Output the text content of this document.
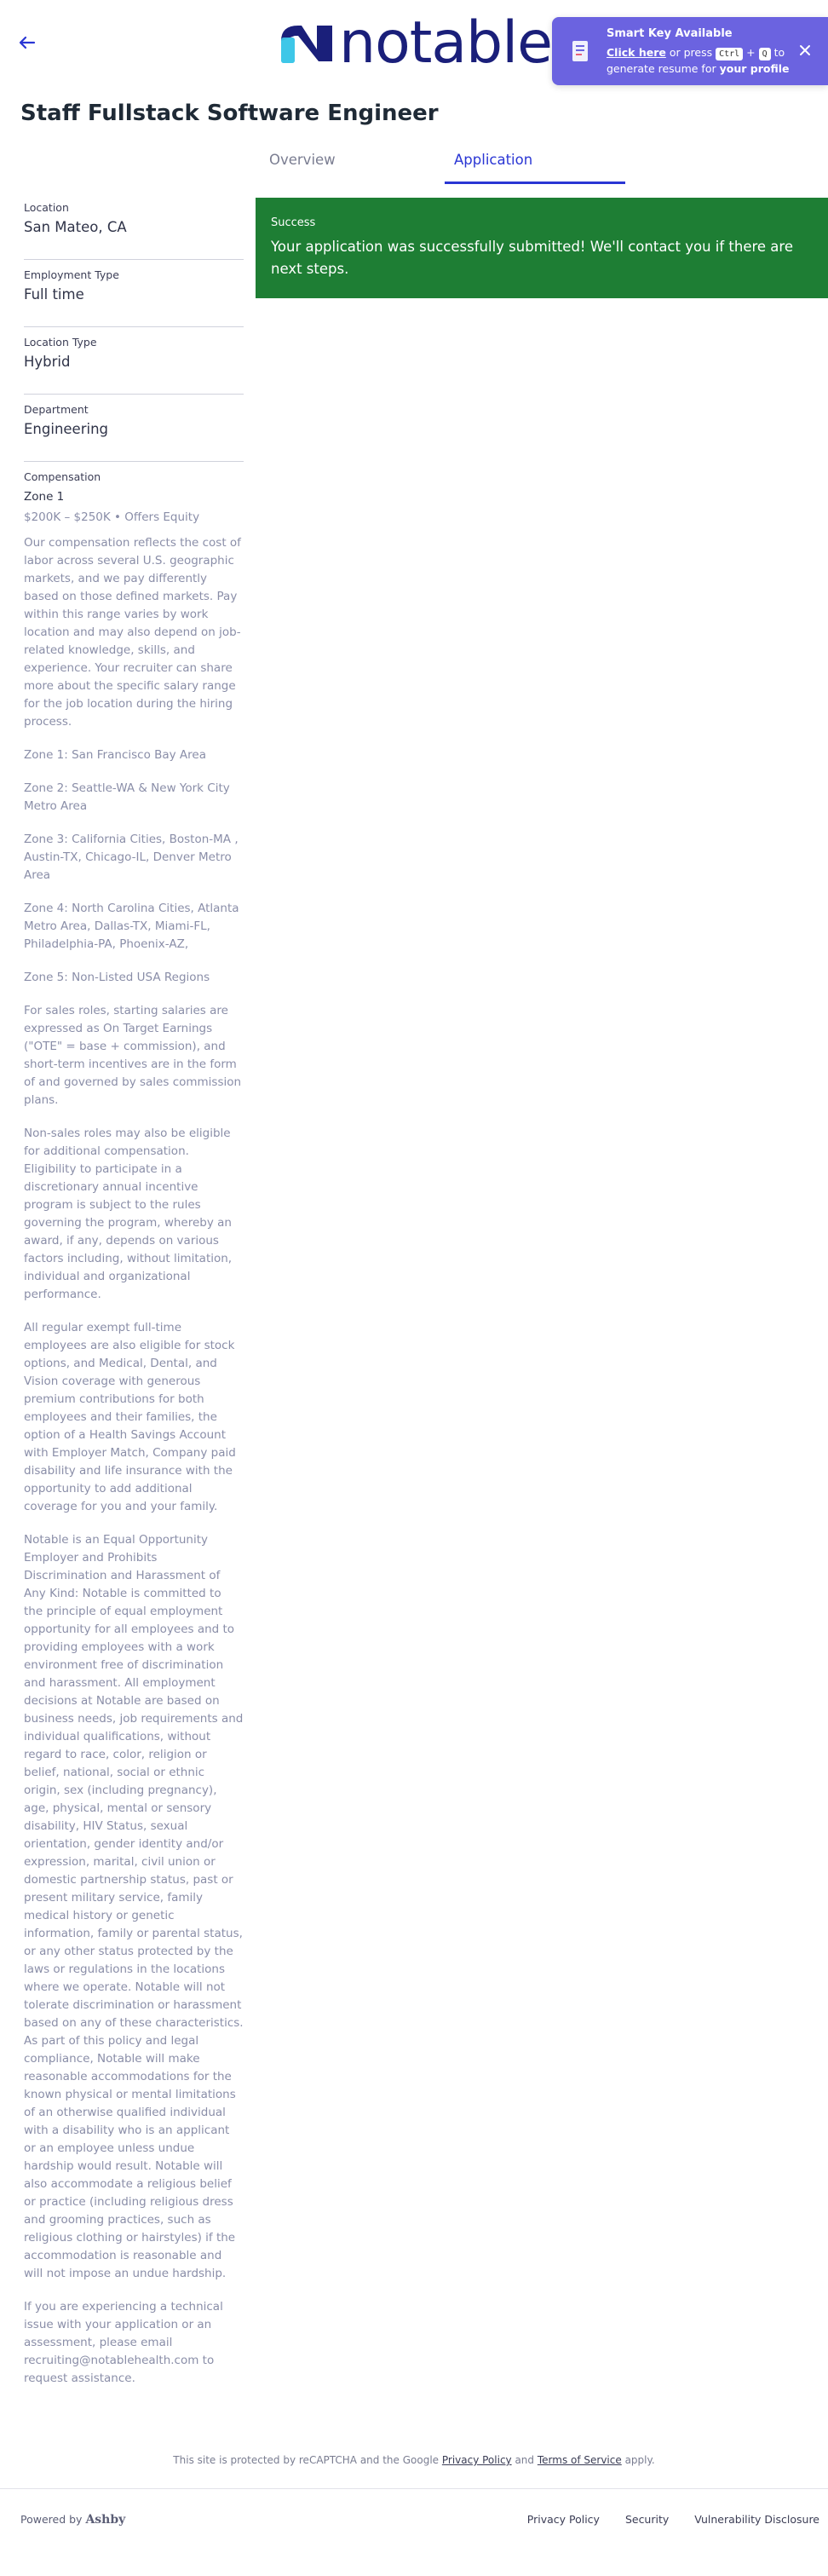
notable	Smart Key Available
Click here or press Ctrl + Q to generate resume for your profile
Staff Fullstack Software Engineer
Overview	Application
Success
Your application was successfully submitted! We'll contact you if there are next steps.
Location
San Mateo, CA
Employment Type
Full time
Location Type
Hybrid
Department
Engineering
Compensation
Zone 1
$200K – $250K • Offers Equity

Our compensation reflects the cost of labor across several U.S. geographic markets, and we pay differently based on those defined markets. Pay within this range varies by work location and may also depend on job-related knowledge, skills, and experience. Your recruiter can share more about the specific salary range for the job location during the hiring process.

Zone 1: San Francisco Bay Area

Zone 2: Seattle-WA & New York City Metro Area

Zone 3: California Cities, Boston-MA , Austin-TX, Chicago-IL, Denver Metro Area

Zone 4: North Carolina Cities, Atlanta Metro Area, Dallas-TX, Miami-FL, Philadelphia-PA, Phoenix-AZ,

Zone 5: Non-Listed USA Regions

For sales roles, starting salaries are expressed as On Target Earnings ("OTE" = base + commission), and short-term incentives are in the form of and governed by sales commission plans.

Non-sales roles may also be eligible for additional compensation. Eligibility to participate in a discretionary annual incentive program is subject to the rules governing the program, whereby an award, if any, depends on various factors including, without limitation, individual and organizational performance.

All regular exempt full-time employees are also eligible for stock options, and Medical, Dental, and Vision coverage with generous premium contributions for both employees and their families, the option of a Health Savings Account with Employer Match, Company paid disability and life insurance with the opportunity to add additional coverage for you and your family.

Notable is an Equal Opportunity Employer and Prohibits Discrimination and Harassment of Any Kind: Notable is committed to the principle of equal employment opportunity for all employees and to providing employees with a work environment free of discrimination and harassment. All employment decisions at Notable are based on business needs, job requirements and individual qualifications, without regard to race, color, religion or belief, national, social or ethnic origin, sex (including pregnancy), age, physical, mental or sensory disability, HIV Status, sexual orientation, gender identity and/or expression, marital, civil union or domestic partnership status, past or present military service, family medical history or genetic information, family or parental status, or any other status protected by the laws or regulations in the locations where we operate. Notable will not tolerate discrimination or harassment based on any of these characteristics. As part of this policy and legal compliance, Notable will make reasonable accommodations for the known physical or mental limitations of an otherwise qualified individual with a disability who is an applicant or an employee unless undue hardship would result. Notable will also accommodate a religious belief or practice (including religious dress and grooming practices, such as religious clothing or hairstyles) if the accommodation is reasonable and will not impose an undue hardship.

If you are experiencing a technical issue with your application or an assessment, please email recruiting@notablehealth.com to request assistance.

This site is protected by reCAPTCHA and the Google Privacy Policy and Terms of Service apply.
Powered by Ashby	Privacy Policy Security Vulnerability Disclosure
